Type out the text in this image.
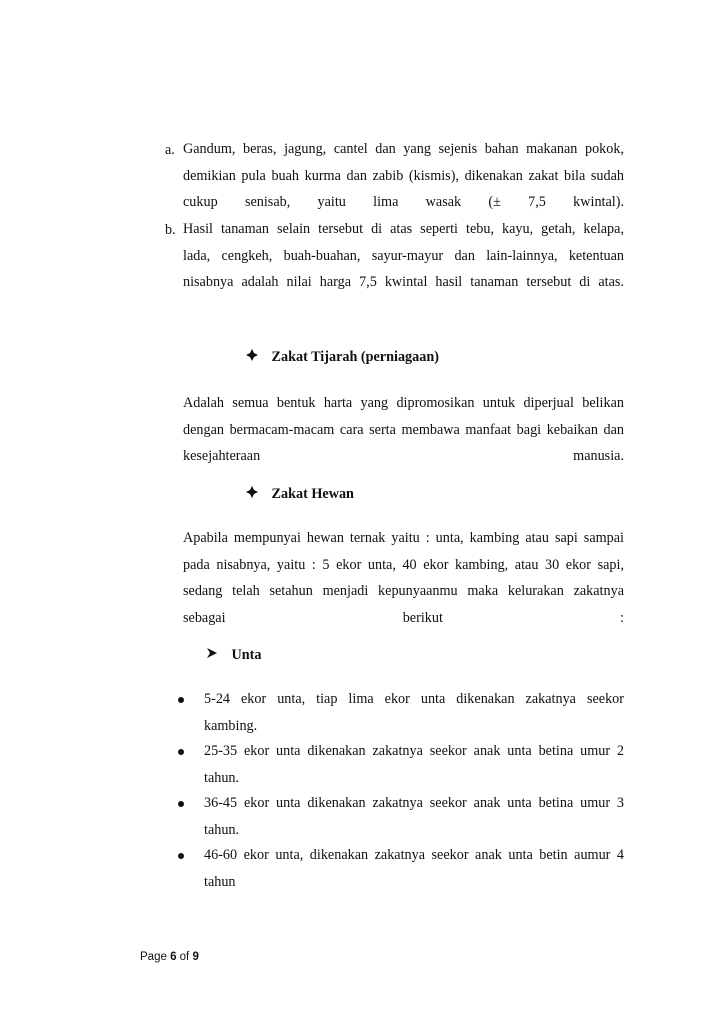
a. Gandum, beras, jagung, cantel dan yang sejenis bahan makanan pokok,
demikian pula buah kurma dan zabib (kismis), dikenakan zakat bila sudah
cukup senisab, yaitu lima wasak (± 7,5 kwintal).
b. Hasil tanaman selain tersebut di atas seperti tebu, kayu, getah, kelapa,
lada, cengkeh, buah-buahan, sayur-mayur dan lain-lainnya, ketentuan
nisabnya adalah nilai harga 7,5 kwintal hasil tanaman tersebut di atas.
Zakat Tijarah (perniagaan)
Adalah semua bentuk harta yang dipromosikan untuk diperjual belikan
dengan bermacam-macam cara serta membawa manfaat bagi kebaikan dan
kesejahteraan manusia.
Zakat Hewan
Apabila mempunyai hewan ternak yaitu : unta, kambing atau sapi sampai
pada nisabnya, yaitu : 5 ekor unta, 40 ekor kambing, atau 30 ekor sapi,
sedang telah setahun menjadi kepunyaanmu maka kelurakan zakatnya
sebagai berikut :
Unta
5-24 ekor unta, tiap lima ekor unta dikenakan zakatnya seekor
kambing.
25-35 ekor unta dikenakan zakatnya seekor anak unta betina umur 2
tahun.
36-45 ekor unta dikenakan zakatnya seekor anak unta betina umur 3
tahun.
46-60 ekor unta, dikenakan zakatnya seekor anak unta betin aumur 4
tahun
Page 6 of 9
